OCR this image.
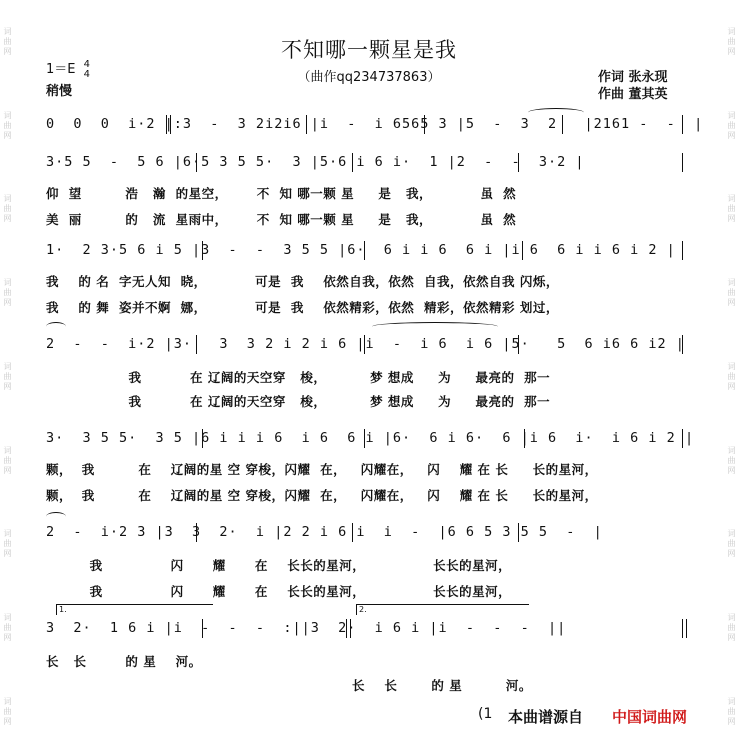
词曲网
词曲网
词曲网
词曲网
词曲网
词曲网
词曲网
词曲网
词曲网
词曲网
词曲网
词曲网
词曲网
词曲网
词曲网
词曲网
词曲网
词曲网
不知哪一颗星是我
（曲作qq234737863）
1＝E 4
4
稍慢
作词 张永现
作曲 董其英

0  0  0  i·2 |:3  -  3 2i2i6 |i  -  i 6565 3 |5  -  3  2   |2161 -  -  |

3·5 5  -  5 6 |6·5 3 5 5·  3 |5·6 i 6 i·  1 |2  -  -  3·2 |

仰  望         浩   瀚  的星空，      不  知 哪一颗 星     是   我，          虽  然
美  丽         的   流  星雨中，      不  知 哪一颗 星     是   我，          虽  然

1·  2 3·5 6 i 5 |3  -  -  3 5 5 |6·  6 i i 6  6 i |i 6  6 i i 6 i 2 |

我    的 名  字无人知  晓，          可是  我    依然自我，依然  自我，依然自我 闪烁，
我    的 舞  姿并不婀  娜，          可是  我    依然精彩，依然  精彩，依然精彩 划过，

2  -  -  i·2 |3·   3  3 2 i 2 i 6 |i  -  i 6  i 6 |5·   5  6 i6 6 i2 |

我          在 辽阔的天空穿   梭，         梦 想成     为     最亮的  那一
我          在 辽阔的天空穿   梭，         梦 想成     为     最亮的  那一

3·  3 5 5·  3 5 |6 i i i 6  i 6  6 i |6·  6 i 6·  6 |i 6  i·  i 6 i 2 |

颗，  我         在    辽阔的星 空 穿梭，闪耀  在，   闪耀在，   闪    耀 在 长     长的星河，
颗，  我         在    辽阔的星 空 穿梭，闪耀  在，   闪耀在，   闪    耀 在 长     长的星河，

2  -  i·2 3 |3  3  2·  i |2 2 i 6 i  i  -  |6 6 5 3 5 5  -  |

我              闪      耀      在    长长的星河，              长长的星河，
我              闪      耀      在    长长的星河，              长长的星河，
1.	2.

3  2·  1 6 i |i  -  -  -  :||3  2·  i 6 i |i  -  -  -  ||

长   长        的 星    河。
长    长       的 星         河。
(1 本曲谱源自 中国词曲网
